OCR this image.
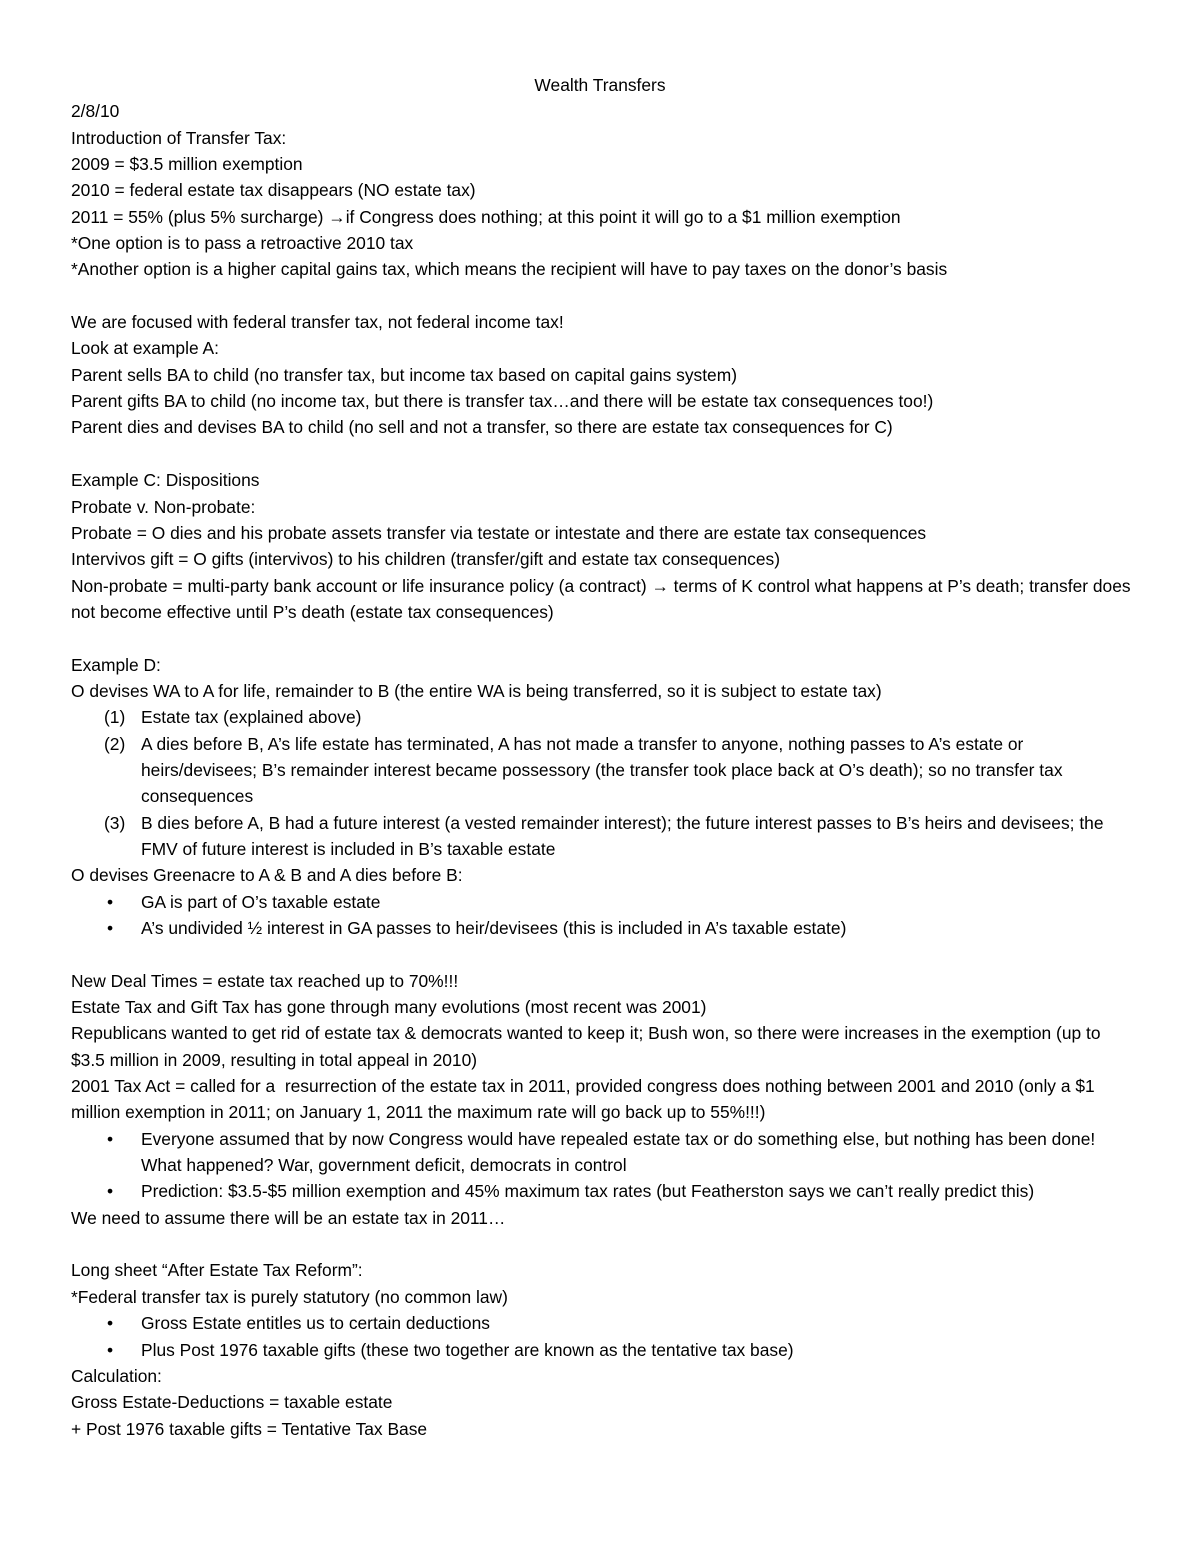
Wealth Transfers

2/8/10

Introduction of Transfer Tax:

2009 = $3.5 million exemption

2010 = federal estate tax disappears (NO estate tax)

2011 = 55% (plus 5% surcharge) →if Congress does nothing; at this point it will go to a $1 million exemption

*One option is to pass a retroactive 2010 tax

*Another option is a higher capital gains tax, which means the recipient will have to pay taxes on the donor’s basis

We are focused with federal transfer tax, not federal income tax!

Look at example A:

Parent sells BA to child (no transfer tax, but income tax based on capital gains system)

Parent gifts BA to child (no income tax, but there is transfer tax…and there will be estate tax consequences too!)

Parent dies and devises BA to child (no sell and not a transfer, so there are estate tax consequences for C)

Example C: Dispositions

Probate v. Non-probate:

Probate = O dies and his probate assets transfer via testate or intestate and there are estate tax consequences

Intervivos gift = O gifts (intervivos) to his children (transfer/gift and estate tax consequences)

Non-probate = multi-party bank account or life insurance policy (a contract) → terms of K control what happens at P’s death; transfer does not become effective until P’s death (estate tax consequences)

Example D:

O devises WA to A for life, remainder to B (the entire WA is being transferred, so it is subject to estate tax)

(1) Estate tax (explained above)
(2) A dies before B, A’s life estate has terminated, A has not made a transfer to anyone, nothing passes to A’s estate or heirs/devisees; B’s remainder interest became possessory (the transfer took place back at O’s death); so no transfer tax consequences
(3) B dies before A, B had a future interest (a vested remainder interest); the future interest passes to B’s heirs and devisees; the FMV of future interest is included in B’s taxable estate

O devises Greenacre to A & B and A dies before B:

• GA is part of O’s taxable estate
• A’s undivided ½ interest in GA passes to heir/devisees (this is included in A’s taxable estate)

New Deal Times = estate tax reached up to 70%!!!

Estate Tax and Gift Tax has gone through many evolutions (most recent was 2001)

Republicans wanted to get rid of estate tax & democrats wanted to keep it; Bush won, so there were increases in the exemption (up to $3.5 million in 2009, resulting in total appeal in 2010)

2001 Tax Act = called for a  resurrection of the estate tax in 2011, provided congress does nothing between 2001 and 2010 (only a $1 million exemption in 2011; on January 1, 2011 the maximum rate will go back up to 55%!!!)

• Everyone assumed that by now Congress would have repealed estate tax or do something else, but nothing has been done! What happened? War, government deficit, democrats in control
• Prediction: $3.5-$5 million exemption and 45% maximum tax rates (but Featherston says we can’t really predict this)

We need to assume there will be an estate tax in 2011…

Long sheet “After Estate Tax Reform”:

*Federal transfer tax is purely statutory (no common law)

• Gross Estate entitles us to certain deductions
• Plus Post 1976 taxable gifts (these two together are known as the tentative tax base)

Calculation:

Gross Estate-Deductions = taxable estate

+ Post 1976 taxable gifts = Tentative Tax Base
